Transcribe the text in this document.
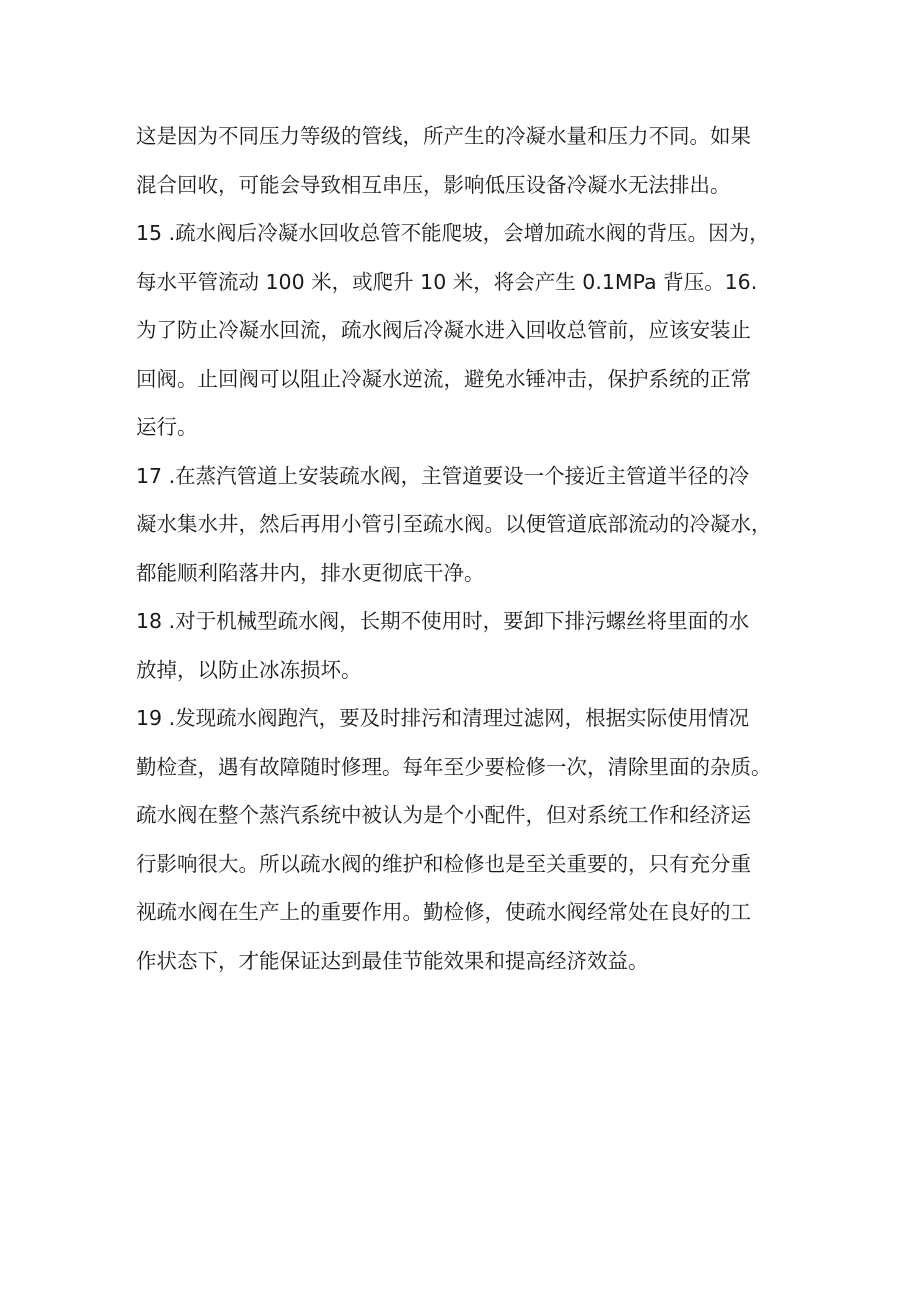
这是因为不同压力等级的管线，所产生的冷凝水量和压力不同。如果
混合回收，可能会导致相互串压，影响低压设备冷凝水无法排出。
15 .疏水阀后冷凝水回收总管不能爬坡，会增加疏水阀的背压。因为，
每水平管流动 100 米，或爬升 10 米，将会产生 0.1MPa 背压。16.
为了防止冷凝水回流，疏水阀后冷凝水进入回收总管前，应该安装止
回阀。止回阀可以阻止冷凝水逆流，避免水锤冲击，保护系统的正常
运行。
17 .在蒸汽管道上安装疏水阀，主管道要设一个接近主管道半径的冷
凝水集水井，然后再用小管引至疏水阀。以便管道底部流动的冷凝水，
都能顺利陷落井内，排水更彻底干净。
18 .对于机械型疏水阀，长期不使用时，要卸下排污螺丝将里面的水
放掉，以防止冰冻损坏。
19 .发现疏水阀跑汽，要及时排污和清理过滤网，根据实际使用情况
勤检查，遇有故障随时修理。每年至少要检修一次，清除里面的杂质。
疏水阀在整个蒸汽系统中被认为是个小配件，但对系统工作和经济运
行影响很大。所以疏水阀的维护和检修也是至关重要的，只有充分重
视疏水阀在生产上的重要作用。勤检修，使疏水阀经常处在良好的工
作状态下，才能保证达到最佳节能效果和提高经济效益。
